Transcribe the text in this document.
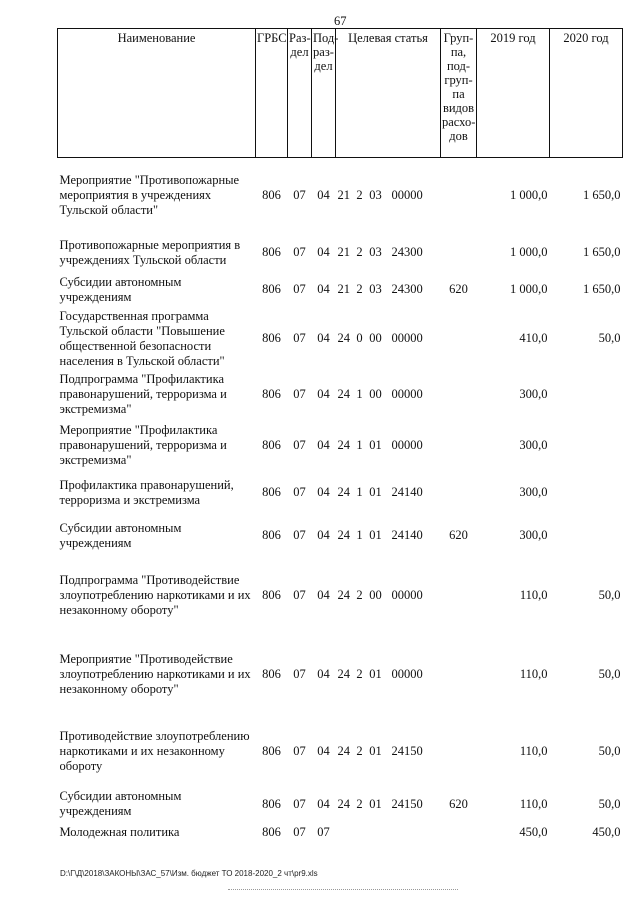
67
Наименование	ГРБС	Раз-дел	Под-раз-дел	Целевая статья	Груп-па, под-груп-па видов расхо-дов	2019 год	2020 год
Мероприятие "Противопожарные мероприятия в учреждениях Тульской области"	806	07	04	21 2 03 00000		1 000,0	1 650,0
Противопожарные мероприятия в учреждениях Тульской области	806	07	04	21 2 03 24300		1 000,0	1 650,0
Субсидии автономным учреждениям	806	07	04	21 2 03 24300	620	1 000,0	1 650,0
Государственная программа Тульской области "Повышение общественной безопасности населения в Тульской области"	806	07	04	24 0 00 00000		410,0	50,0
Подпрограмма "Профилактика правонарушений, терроризма и экстремизма"	806	07	04	24 1 00 00000		300,0	
Мероприятие "Профилактика правонарушений, терроризма и экстремизма"	806	07	04	24 1 01 00000		300,0	
Профилактика правонарушений, терроризма и экстремизма	806	07	04	24 1 01 24140		300,0	
Субсидии автономным учреждениям	806	07	04	24 1 01 24140	620	300,0	
Подпрограмма "Противодействие злоупотреблению наркотиками и их незаконному обороту"	806	07	04	24 2 00 00000		110,0	50,0
Мероприятие "Противодействие злоупотреблению наркотиками и их незаконному обороту"	806	07	04	24 2 01 00000		110,0	50,0
Противодействие злоупотреблению наркотиками и их незаконному обороту	806	07	04	24 2 01 24150		110,0	50,0
Субсидии автономным учреждениям	806	07	04	24 2 01 24150	620	110,0	50,0
Молодежная политика	806	07	07			450,0	450,0
D:\Г\Д\2018\ЗАКОНЫ\ЗАС_57\Изм. бюджет ТО 2018-2020_2 чт\pr9.xls
